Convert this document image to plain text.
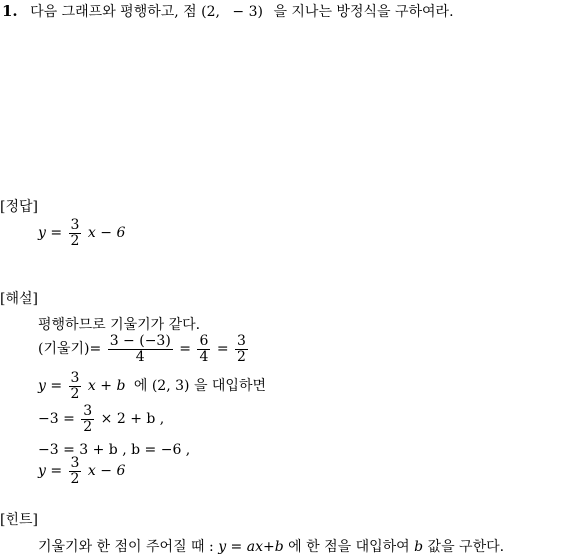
1. 다음 그래프와 평행하고, 점 (2, − 3) 을 지나는 방정식을 구하여라.
[정답]
$y = \frac{3}{2}$ x − 6
[해설]
평행하므로 기울기가 같다.
(기울기)= $\frac{3 - (-3)}{4} = \frac{6}{4} = \frac{3}{2}$
$y = \frac{3}{2}$ x + b 에 (2, 3) 을 대입하면
$-3 = \frac{3}{2} \times 2 + b$ ,
−3 = 3 + b , b = −6 ,
$y = \frac{3}{2}$ x − 6
[힌트]
기울기와 한 점이 주어질 때 : y = ax+b 에 한 점을 대입하여 b 값을 구한다.
